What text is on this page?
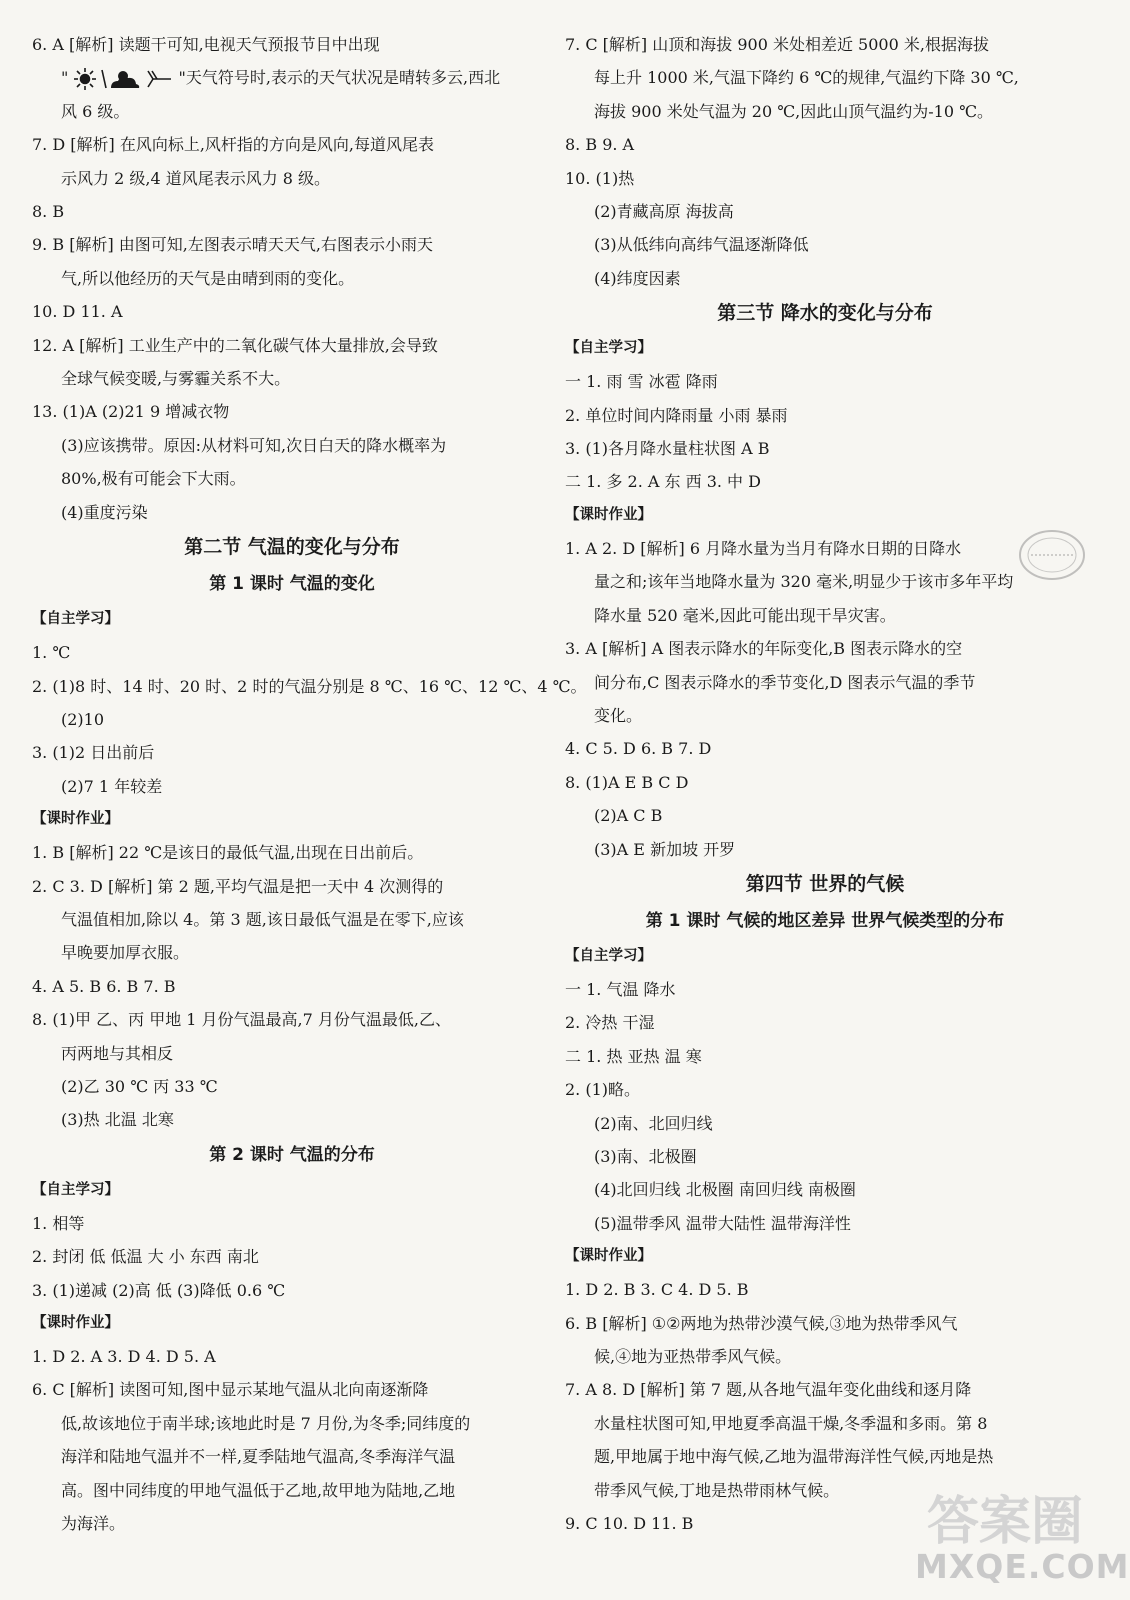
6. A [解析] 读题干可知,电视天气预报节目中出现
"	"天气符号时,表示的天气状况是晴转多云,西北
风 6 级。
7. D [解析] 在风向标上,风杆指的方向是风向,每道风尾表
示风力 2 级,4 道风尾表示风力 8 级。
8. B
9. B [解析] 由图可知,左图表示晴天天气,右图表示小雨天
气,所以他经历的天气是由晴到雨的变化。
10. D 11. A
12. A [解析] 工业生产中的二氧化碳气体大量排放,会导致
全球气候变暖,与雾霾关系不大。
13. (1)A (2)21 9 增减衣物
(3)应该携带。原因:从材料可知,次日白天的降水概率为
80%,极有可能会下大雨。
(4)重度污染
第二节 气温的变化与分布
第 1 课时 气温的变化
【自主学习】
1. ℃
2. (1)8 时、14 时、20 时、2 时的气温分别是 8 ℃、16 ℃、12 ℃、4 ℃。
(2)10
3. (1)2 日出前后
(2)7 1 年较差
【课时作业】
1. B [解析] 22 ℃是该日的最低气温,出现在日出前后。
2. C 3. D [解析] 第 2 题,平均气温是把一天中 4 次测得的
气温值相加,除以 4。第 3 题,该日最低气温是在零下,应该
早晚要加厚衣服。
4. A 5. B 6. B 7. B
8. (1)甲 乙、丙 甲地 1 月份气温最高,7 月份气温最低,乙、
丙两地与其相反
(2)乙 30 ℃ 丙 33 ℃
(3)热 北温 北寒
第 2 课时 气温的分布
【自主学习】
1. 相等
2. 封闭 低 低温 大 小 东西 南北
3. (1)递减 (2)高 低 (3)降低 0.6 ℃
【课时作业】
1. D 2. A 3. D 4. D 5. A
6. C [解析] 读图可知,图中显示某地气温从北向南逐渐降
低,故该地位于南半球;该地此时是 7 月份,为冬季;同纬度的
海洋和陆地气温并不一样,夏季陆地气温高,冬季海洋气温
高。图中同纬度的甲地气温低于乙地,故甲地为陆地,乙地
为海洋。
7. C [解析] 山顶和海拔 900 米处相差近 5000 米,根据海拔
每上升 1000 米,气温下降约 6 ℃的规律,气温约下降 30 ℃,
海拔 900 米处气温为 20 ℃,因此山顶气温约为-10 ℃。
8. B 9. A
10. (1)热
(2)青藏高原 海拔高
(3)从低纬向高纬气温逐渐降低
(4)纬度因素
第三节 降水的变化与分布
【自主学习】
一 1. 雨 雪 冰雹 降雨
2. 单位时间内降雨量 小雨 暴雨
3. (1)各月降水量柱状图 A B
二 1. 多 2. A 东 西 3. 中 D
【课时作业】
1. A 2. D [解析] 6 月降水量为当月有降水日期的日降水
量之和;该年当地降水量为 320 毫米,明显少于该市多年平均
降水量 520 毫米,因此可能出现干旱灾害。
3. A [解析] A 图表示降水的年际变化,B 图表示降水的空
间分布,C 图表示降水的季节变化,D 图表示气温的季节
变化。
4. C 5. D 6. B 7. D
8. (1)A E B C D
(2)A C B
(3)A E 新加坡 开罗
第四节 世界的气候
第 1 课时 气候的地区差异 世界气候类型的分布
【自主学习】
一 1. 气温 降水
2. 冷热 干湿
二 1. 热 亚热 温 寒
2. (1)略。
(2)南、北回归线
(3)南、北极圈
(4)北回归线 北极圈 南回归线 南极圈
(5)温带季风 温带大陆性 温带海洋性
【课时作业】
1. D 2. B 3. C 4. D 5. B
6. B [解析] ①②两地为热带沙漠气候,③地为热带季风气
候,④地为亚热带季风气候。
7. A 8. D [解析] 第 7 题,从各地气温年变化曲线和逐月降
水量柱状图可知,甲地夏季高温干燥,冬季温和多雨。第 8
题,甲地属于地中海气候,乙地为温带海洋性气候,丙地是热
带季风气候,丁地是热带雨林气候。
9. C 10. D 11. B	答案圈
MXQE.COM
